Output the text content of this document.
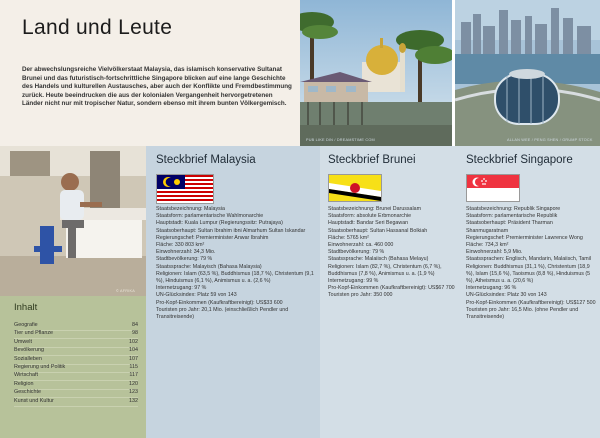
Land und Leute
Der abwechslungsreiche Vielvölkerstaat Malaysia, das islamisch konservative Sultanat Brunei und das futuristisch-fortschrittliche Singapore blicken auf eine lange Geschichte des Handels und kulturellen Austausches, aber auch der Konflikte und Fremdbestimmung zurück. Heute beeindrucken die aus der kolonialen Vergangenheit hervorgetretenen Länder nicht nur mit tropischer Natur, sondern ebenso mit ihrem bunten Völkergemisch.
PUB LIKE DIN / DREAMSTIME COM	ALLAN WEE / PENG SHEN / GRUMP STOCK
© AFRIKA
Inhalt
Geografie	84
Tier und Pflanze	98
Umwelt	102
Bevölkerung	104
Sozialleben	107
Regierung und Politik	115
Wirtschaft	117
Religion	120
Geschichte	123
Kunst und Kultur	132
Steckbrief Malaysia
Staatsbezeichnung: Malaysia
Staatsform: parlamentarische Wahlmonarchie
Hauptstadt: Kuala Lumpur (Regierungssitz: Putrajaya)
Staatsoberhaupt: Sultan Ibrahim ibni Almarhum Sultan Iskandar
Regierungschef: Premierminister Anwar Ibrahim
Fläche: 330 803 km²
Einwohnerzahl: 34,3 Mio.
Stadtbevölkerung: 79 %
Staatssprache: Malayisch (Bahasa Malaysia)
Religionen: Islam (63,5 %), Buddhismus (18,7 %), Christentum (9,1 %), Hinduismus (6,1 %), Animismus u. a. (2,6 %)
Internetzugang: 97 %
UN-Glücksindex: Platz 59 von 143
Pro-Kopf-Einkommen (Kaufkraftbereinigt): US$33 600
Touristen pro Jahr: 20,1 Mio. (einschließlich Pendler und Transitreisende)
Steckbrief Brunei
Staatsbezeichnung: Brunei Darussalam
Staatsform: absolute Erbmonarchie
Hauptstadt: Bandar Seri Begawan
Staatsoberhaupt: Sultan Hassanal Bolkiah
Fläche: 5765 km²
Einwohnerzahl: ca. 460 000
Stadtbevölkerung: 79 %
Staatssprache: Malaiisch (Bahasa Melayu)
Religionen: Islam (82,7 %), Christentum (6,7 %), Buddhismus (7,8 %), Animismus u. a. (1,9 %)
Internetzugang: 99 %
Pro-Kopf-Einkommen (Kaufkraftbereinigt): US$67 700
Touristen pro Jahr: 350 000
Steckbrief Singapore
Staatsbezeichnung: Republik Singapore
Staatsform: parlamentarische Republik
Staatsoberhaupt: Präsident Tharman Shanmugaratnam
Regierungschef: Premierminister Lawrence Wong
Fläche: 734,3 km²
Einwohnerzahl: 5,9 Mio.
Staatssprachen: Englisch, Mandarin, Malaiisch, Tamil
Religionen: Buddhismus (31,1 %), Christentum (18,9 %), Islam (15,6 %), Taoismus (8,8 %), Hinduismus (5 %), Atheismus u. a. (20,6 %)
Internetzugang: 96 %
UN-Glücksindex: Platz 30 von 143
Pro-Kopf-Einkommen (Kaufkraftbereinigt): US$127 500
Touristen pro Jahr: 16,5 Mio. (ohne Pendler und Transitreisende)
